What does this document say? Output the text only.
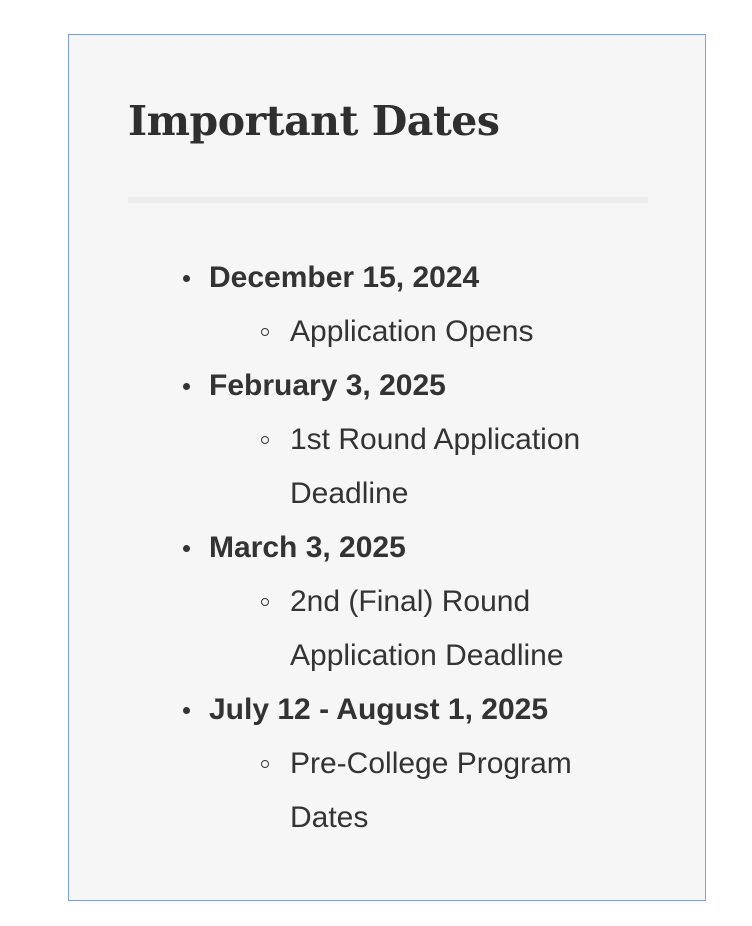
Important Dates
December 15, 2024
Application Opens
February 3, 2025
1st Round Application Deadline
March 3, 2025
2nd (Final) Round Application Deadline
July 12 - August 1, 2025
Pre-College Program Dates
